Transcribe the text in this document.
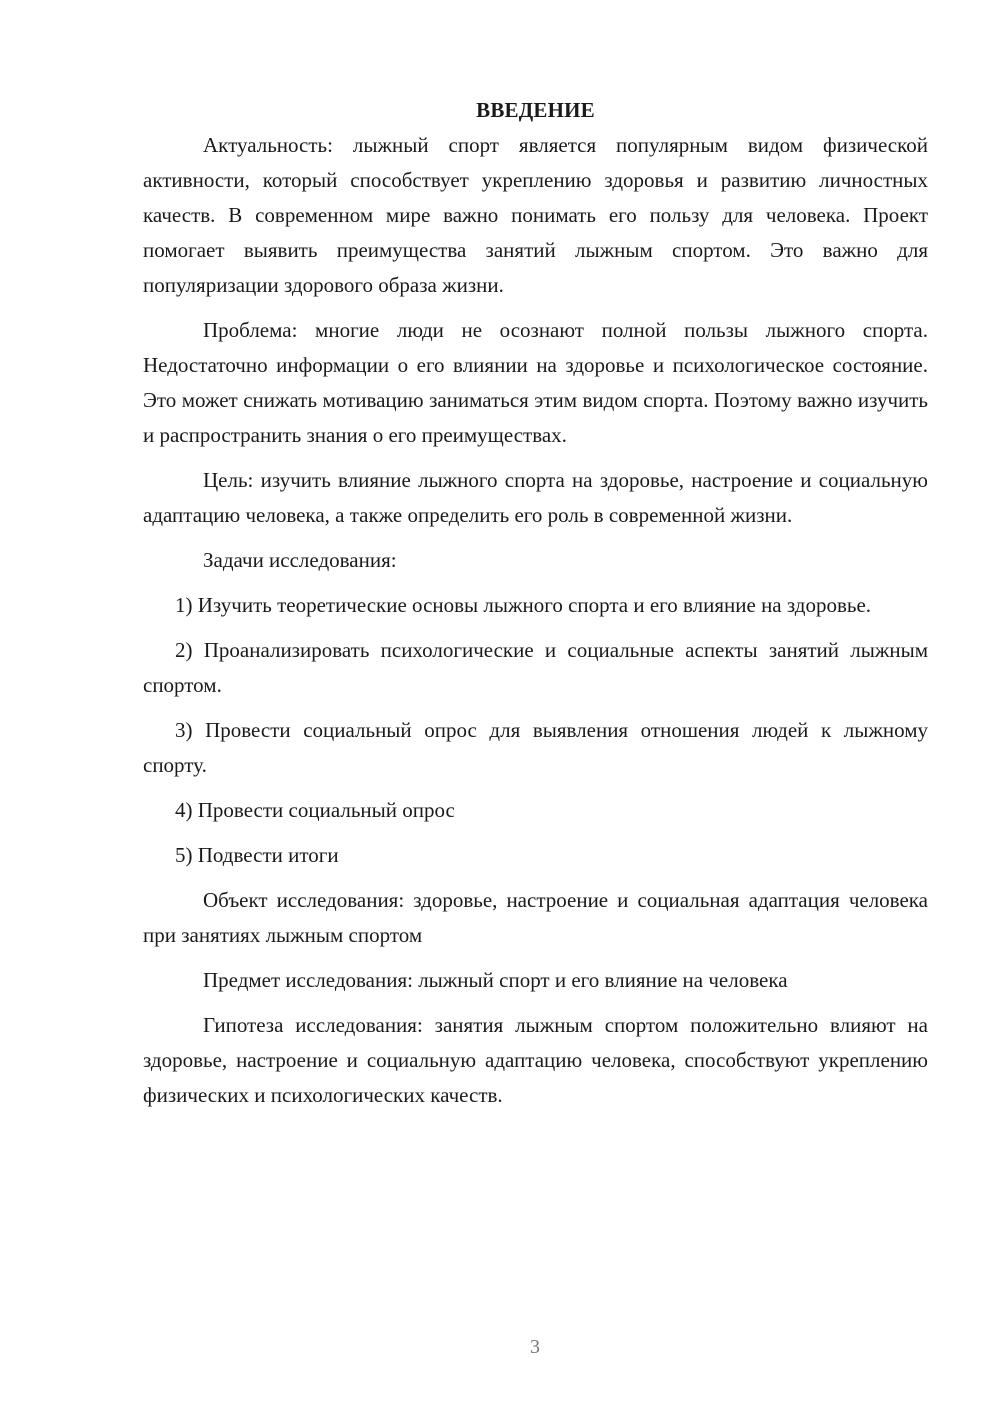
ВВЕДЕНИЕ

Актуальность: лыжный спорт является популярным видом физической активности, который способствует укреплению здоровья и развитию личностных качеств. В современном мире важно понимать его пользу для человека. Проект помогает выявить преимущества занятий лыжным спортом. Это важно для популяризации здорового образа жизни.

Проблема: многие люди не осознают полной пользы лыжного спорта. Недостаточно информации о его влиянии на здоровье и психологическое состояние. Это может снижать мотивацию заниматься этим видом спорта. Поэтому важно изучить и распространить знания о его преимуществах.

Цель: изучить влияние лыжного спорта на здоровье, настроение и социальную адаптацию человека, а также определить его роль в современной жизни.

Задачи исследования:

1) Изучить теоретические основы лыжного спорта и его влияние на здоровье.

2) Проанализировать психологические и социальные аспекты занятий лыжным спортом.

3) Провести социальный опрос для выявления отношения людей к лыжному спорту.

4) Провести социальный опрос

5) Подвести итоги

Объект исследования: здоровье, настроение и социальная адаптация человека при занятиях лыжным спортом

Предмет исследования: лыжный спорт и его влияние на человека

Гипотеза исследования: занятия лыжным спортом положительно влияют на здоровье, настроение и социальную адаптацию человека, способствуют укреплению физических и психологических качеств.

3
